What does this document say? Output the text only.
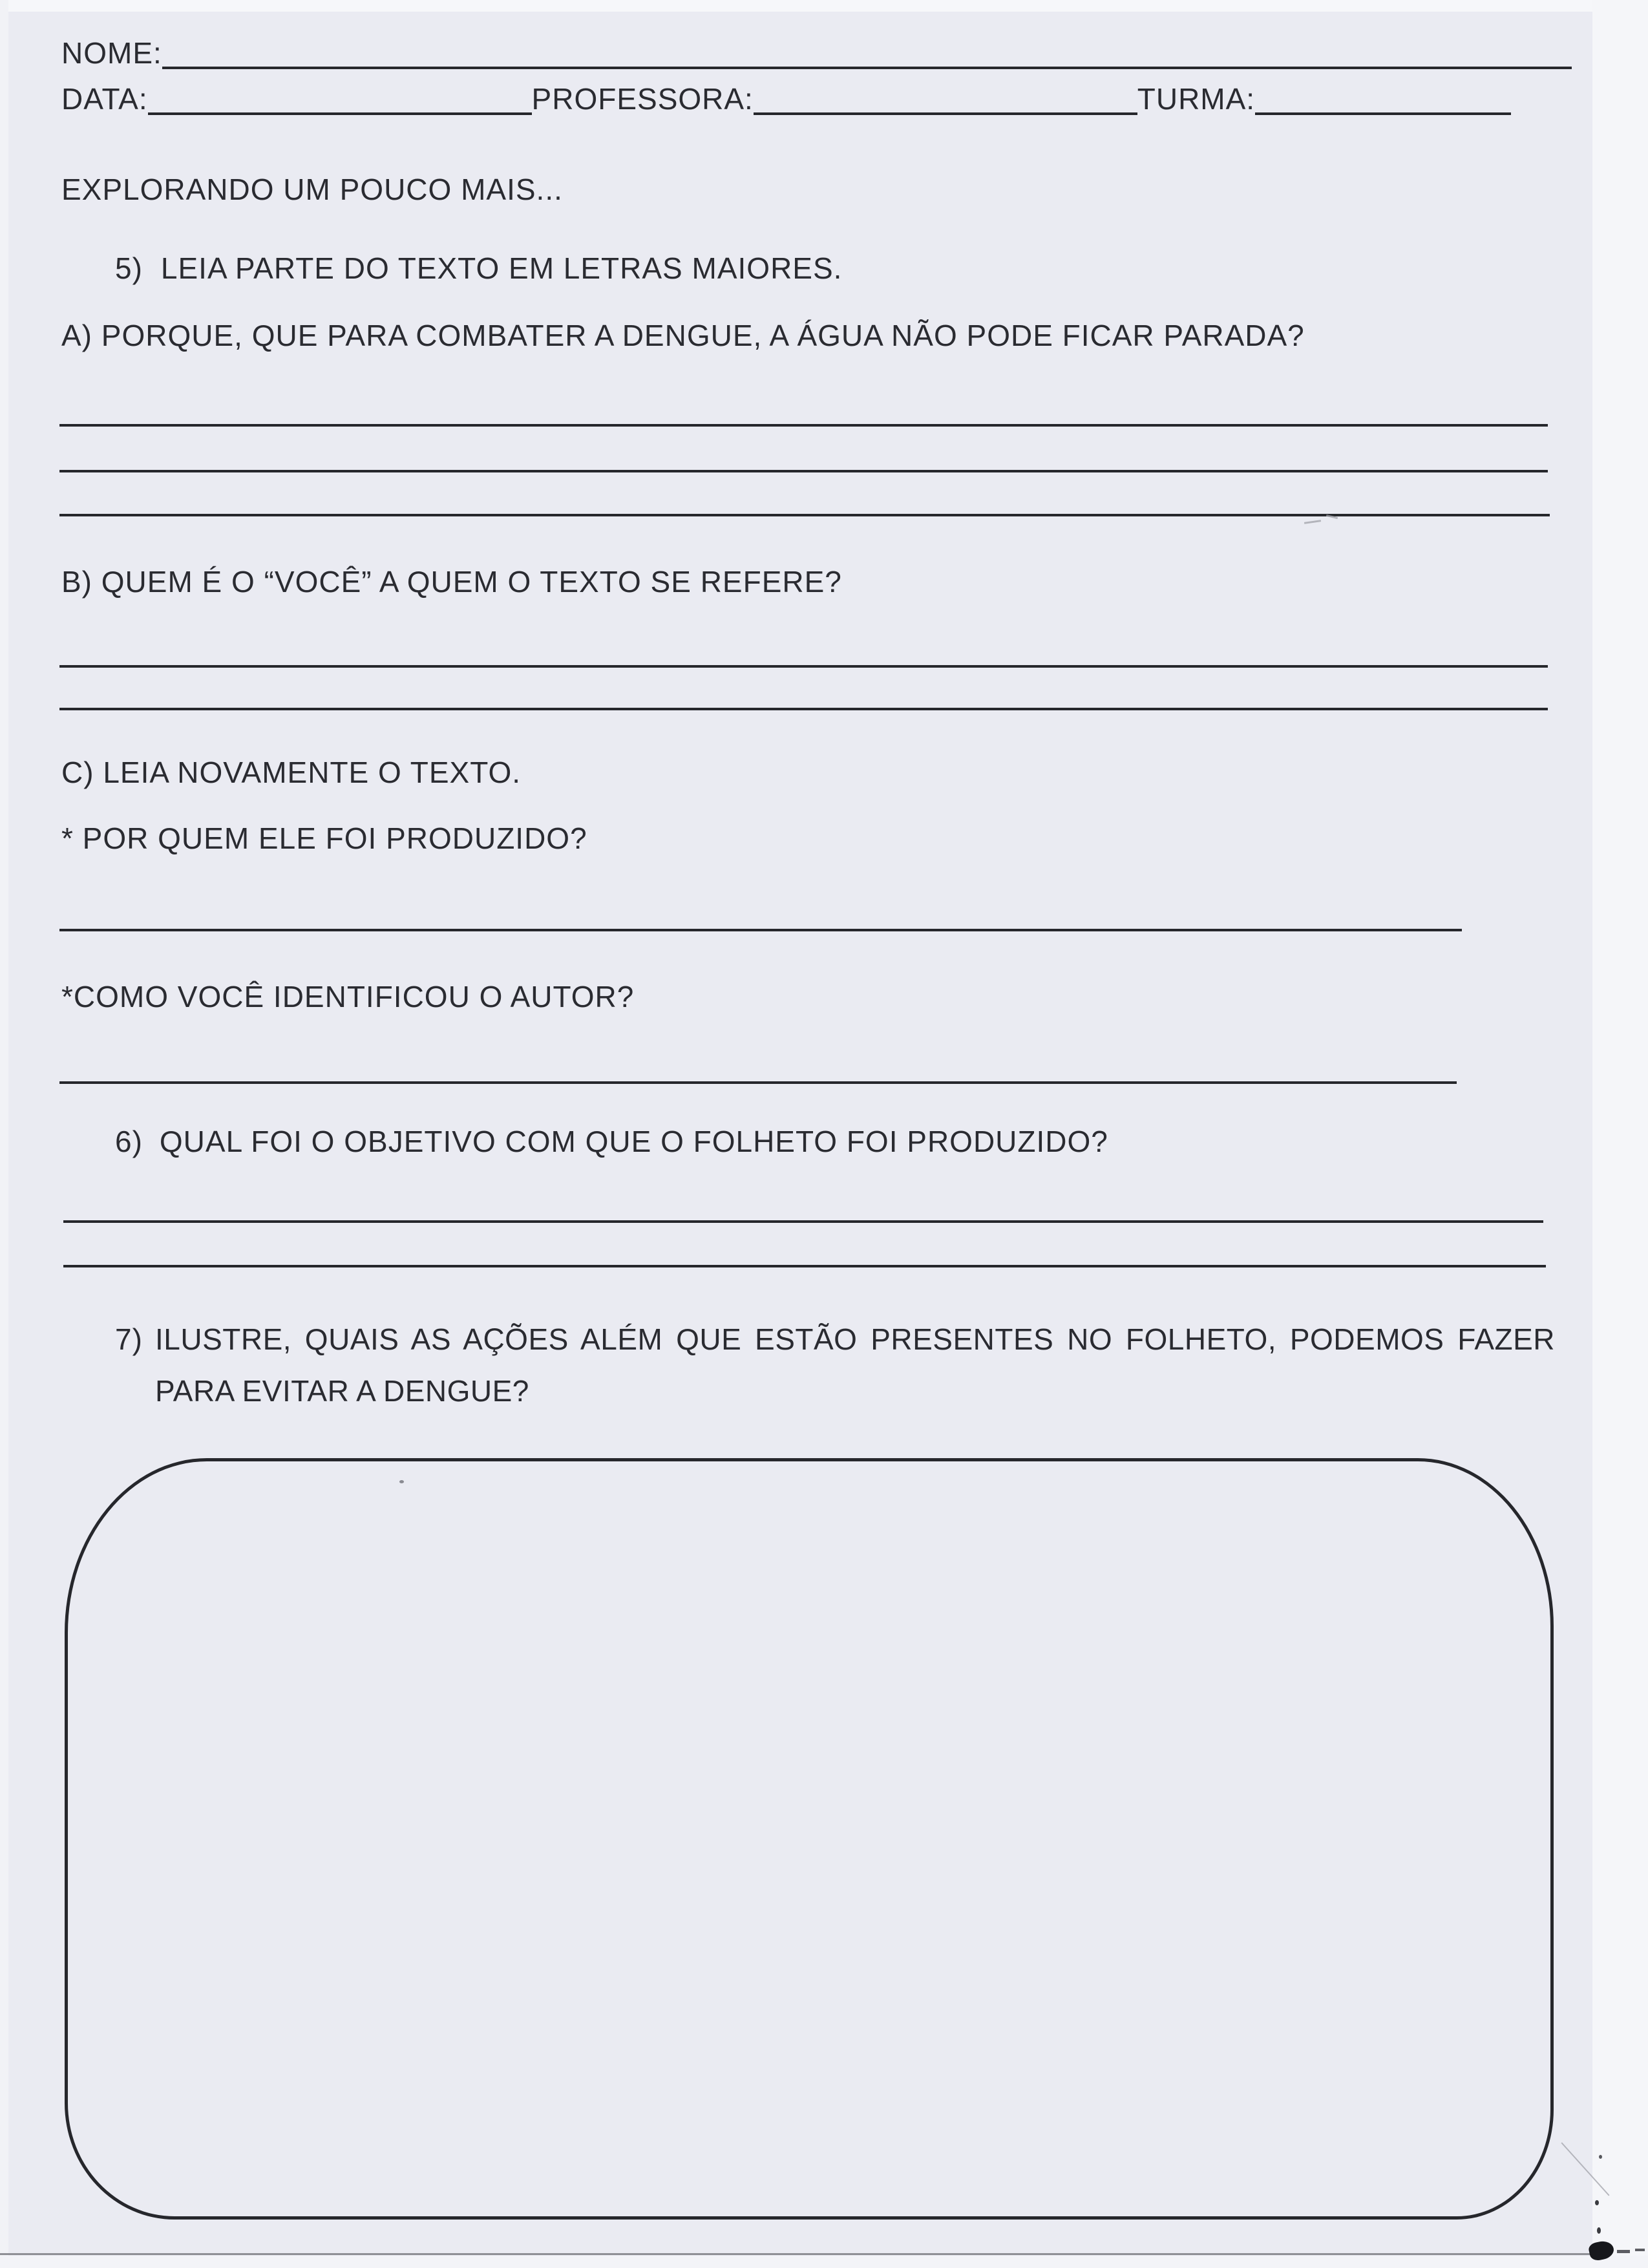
NOME:
DATA:	PROFESSORA:	TURMA:
EXPLORANDO UM POUCO MAIS...
5) LEIA PARTE DO TEXTO EM LETRAS MAIORES.
A) PORQUE, QUE PARA COMBATER A DENGUE, A ÁGUA NÃO PODE FICAR PARADA?
B) QUEM É O “VOCÊ” A QUEM O TEXTO SE REFERE?
C) LEIA NOVAMENTE O TEXTO.
* POR QUEM ELE FOI PRODUZIDO?
*COMO VOCÊ IDENTIFICOU O AUTOR?
6) QUAL FOI O OBJETIVO COM QUE O FOLHETO FOI PRODUZIDO?
7) ILUSTRE, QUAIS AS AÇÕES ALÉM QUE ESTÃO PRESENTES NO FOLHETO, PODEMOS FAZER PARA EVITAR A DENGUE?
